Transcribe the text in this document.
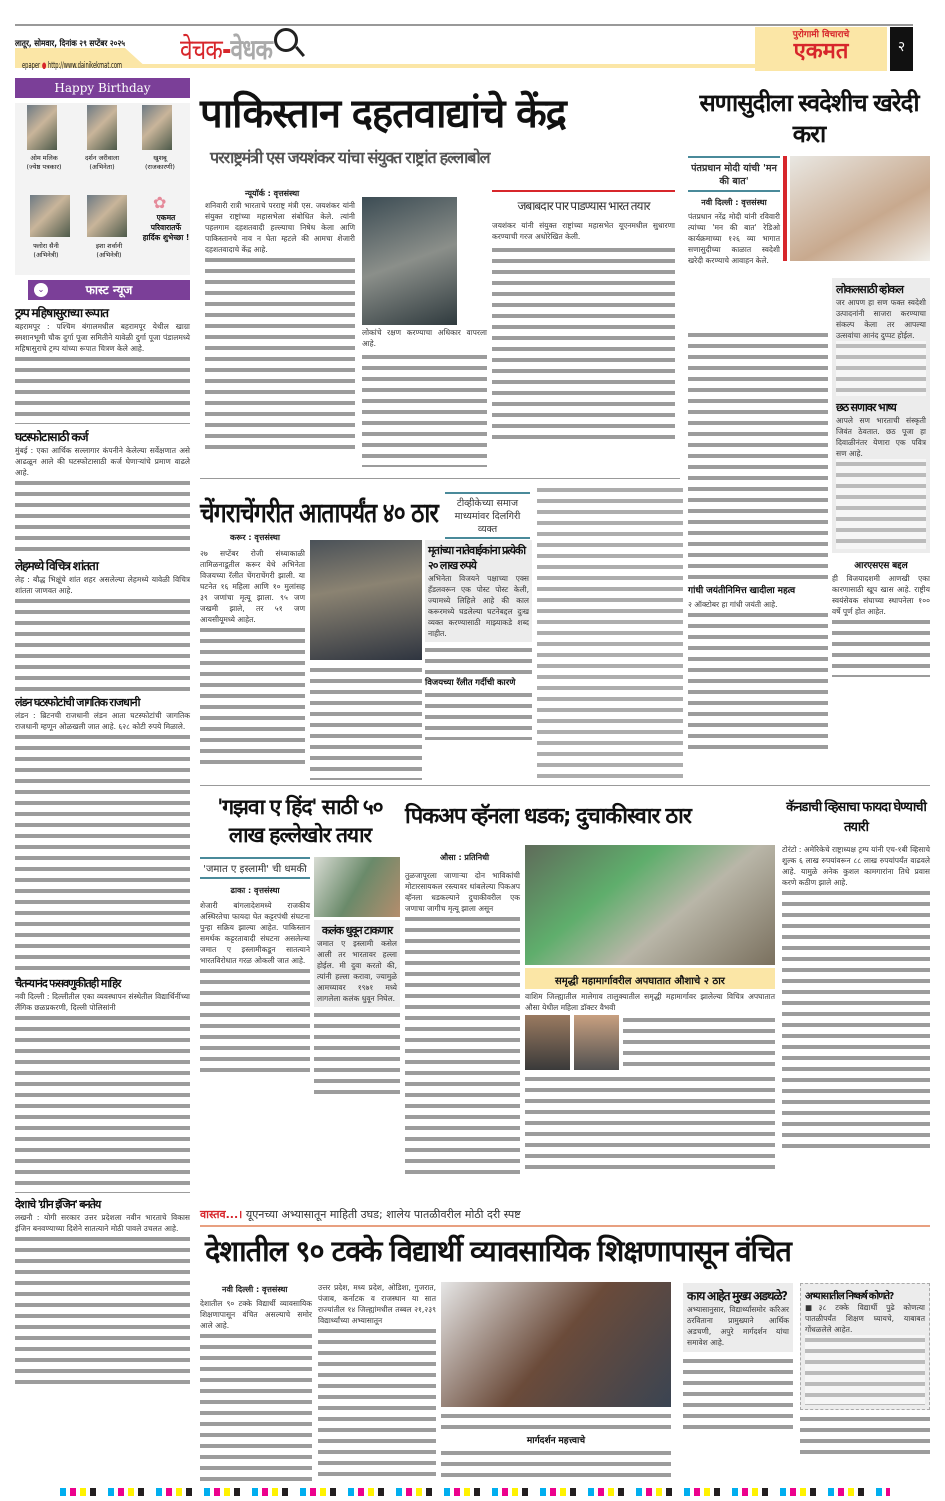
लातूर, सोमवार, दिनांक २९ सप्टेंबर २०२५
epaper ● http://www.dainikekmat.com	वेचक-वेधक	पुरोगामी विचाराचे
एकमत	२
Happy Birthday
ओम मलिक
(ज्येष्ठ पत्रकार)
दर्शन जरीवाला
(अभिनेता)
खुशबू
(राजकारणी)
✿
फ्लोरा सैनी
(अभिनेत्री)
इशा शर्वानी
(अभिनेत्री)
एकमत परिवारातर्फे हार्दिक शुभेच्छा !
⌄	फास्ट न्यूज
ट्रम्प महिषासुराच्या रूपात
बहरामपूर : पश्चिम बंगालमधील बहरामपूर येथील खाग्रा स्मशानभूमी चौक दुर्गा पूजा समितीने यावेळी दुर्गा पूजा पंडालमध्ये महिषासुराचे ट्रम्प यांच्या रूपात चित्रण केले आहे.
घटस्फोटासाठी कर्ज
मुंबई : एका आर्थिक सल्लागार कंपनीने केलेल्या सर्वेक्षणात असे आढळून आले की घटस्फोटासाठी कर्ज घेणाऱ्यांचे प्रमाण वाढले आहे.
लेहमध्ये विचित्र शांतता
लेह : बौद्ध भिक्षूंचे शांत शहर असलेल्या लेहमध्ये यावेळी विचित्र शांतता जाणवत आहे.
लंडन घटस्फोटांची जागतिक राजधानी
लंडन : ब्रिटनची राजधानी लंडन आता घटस्फोटांची जागतिक राजधानी म्हणून ओळखली जात आहे. ६२८ कोटी रुपये मिळाले.
चैतन्यानंद फसवणुकीतही माहिर
नवी दिल्ली : दिल्लीतील एका व्यवस्थापन संस्थेतील विद्यार्थिनींच्या लैंगिक छळप्रकरणी, दिल्ली पोलिसांनी
देशाचे 'ग्रीन इंजिन' बनतेय
लखनौ : योगी सरकार उत्तर प्रदेशला नवीन भारताचे विकास इंजिन बनवण्याच्या दिशेने सातत्याने मोठी पावले उचलत आहे.
पाकिस्तान दहतवाद्यांचे केंद्र
परराष्ट्रमंत्री एस जयशंकर यांचा संयुक्त राष्ट्रांत हल्लाबोल
न्यूयॉर्क : वृत्तसंस्था
शनिवारी रात्री भारताचे परराष्ट्र मंत्री एस. जयशंकर यांनी संयुक्त राष्ट्रांच्या महासभेला संबोधित केले. त्यांनी पहलगाम दहशतवादी हल्ल्याचा निषेध केला आणि पाकिस्तानचे नाव न घेता म्हटले की आमचा शेजारी दहशतवादाचे केंद्र आहे.
लोकांचे रक्षण करण्याचा अधिकार वापरला आहे.
जबाबदार पार पाडण्यास भारत तयार
जयशंकर यांनी संयुक्त राष्ट्रांच्या महासभेत यूएनमधील सुधारणा करण्याची गरज अधोरेखित केली.
सणासुदीला स्वदेशीच खरेदी करा
पंतप्रधान मोदी यांची 'मन की बात'
नवी दिल्ली : वृत्तसंस्था
पंतप्रधान नरेंद्र मोदी यांनी रविवारी त्यांच्या 'मन की बात' रेडिओ कार्यक्रमाच्या १२६ व्या भागात सणासुदीच्या काळात स्वदेशी खरेदी करण्याचे आवाहन केले.
गांधी जयंतीनिमित्त खादीला महत्व
२ ऑक्टोबर हा गांधी जयंती आहे.
लोकलसाठी व्होकल
जर आपण हा सण फक्त स्वदेशी उत्पादनांनी साजरा करण्याचा संकल्प केला तर आपल्या उत्सवांचा आनंद दुप्पट होईल.
छठ सणावर भाष्य
आपले सण भारताची संस्कृती जिवंत ठेवतात. छठ पूजा हा दिवाळीनंतर येणारा एक पवित्र सण आहे.
आरएसएस बद्दल
ही विजयादशमी आणखी एका कारणासाठी खूप खास आहे. राष्ट्रीय स्वयंसेवक संघाच्या स्थापनेला १०० वर्षे पूर्ण होत आहेत.
चेंगराचेंगरीत आतापर्यंत ४० ठार	टीव्हीकेच्या समाज माध्यमांवर दिलगिरी व्यक्त
करूर : वृत्तसंस्था
२७ सप्टेंबर रोजी संध्याकाळी तामिळनाडूतील करूर येथे अभिनेता विजयच्या रॅलीत चेंगराचेंगरी झाली. या घटनेत १६ महिला आणि १० मुलांसह ३९ जणांचा मृत्यू झाला. ९५ जण जखमी झाले, तर ५१ जण आयसीयूमध्ये आहेत.
मृतांच्या नातेवाईकांना प्रत्येकी २० लाख रुपये
अभिनेता विजयने पक्षाच्या एक्स हँडलवरून एक पोस्ट पोस्ट केली, ज्यामध्ये लिहिले आहे की काल करूरमध्ये घडलेल्या घटनेबद्दल दुःख व्यक्त करण्यासाठी माझ्याकडे शब्द नाहीत.
विजयच्या रॅलीत गर्दीची कारणे
'गझवा ए हिंद' साठी ५० लाख हल्लेखोर तयार
'जमात ए इस्लामी' ची धमकी
ढाका : वृत्तसंस्था
शेजारी बांगलादेशमध्ये राजकीय अस्थिरतेचा फायदा घेत कट्टरपंथी संघटना पुन्हा सक्रिय झाल्या आहेत. पाकिस्तान समर्थक कट्टरतावादी संघटना असलेल्या जमात ए इस्लामीकडून सातत्याने भारतविरोधात गरळ ओकली जात आहे.
कलंक धुवून टाकणार
जमात ए इस्लामी कसेल आली तर भारतावर हल्ला होईल. मी दुवा करतो की, त्यांनी हल्ला करावा, ज्यामुळे आमच्यावर १९७१ मध्ये लागलेला कलंक धुवून निघेल.
पिकअप व्हॅनला धडक; दुचाकीस्वार ठार
औसा : प्रतिनिधी
तुळजापूरला जाणाऱ्या दोन भाविकांची मोटारसायकल रस्त्यावर थांबलेल्या पिकअप व्हॅनला धडकल्याने दुचाकीवरील एक जणाचा जागीच मृत्यू झाला असून
समृद्धी महामार्गावरील अपघातात औशाचे २ ठार
वाशिम जिल्ह्यातील मालेगाव तालुक्यातील समृद्धी महामार्गावर झालेल्या विचित्र अपघातात औसा येथील महिला डॉक्टर वैभवी
कॅनडाची व्हिसाचा फायदा घेण्याची तयारी
टोरंटो : अमेरिकेचे राष्ट्राध्यक्ष ट्रम्प यांनी एच-१बी व्हिसाचे शुल्क ६ लाख रुपयांवरून ८८ लाख रुपयांपर्यंत वाढवले आहे. यामुळे अनेक कुशल कामगारांना तिथे प्रवास करणे कठीण झाले आहे.
वास्तव...। यूएनच्या अभ्यासातून माहिती उघड; शालेय पातळीवरील मोठी दरी स्पष्ट
देशातील ९० टक्के विद्यार्थी व्यावसायिक शिक्षणापासून वंचित
नवी दिल्ली : वृत्तसंस्था
देशातील ९० टक्के विद्यार्थी व्यावसायिक शिक्षणापासून वंचित असल्याचे समोर आले आहे.
उत्तर प्रदेश, मध्य प्रदेश, ओडिशा, गुजरात, पंजाब, कर्नाटक व राजस्थान या सात राज्यांतील १४ जिल्ह्यांमधील तब्बल २१,२३९ विद्यार्थ्यांच्या अभ्यासातून
मार्गदर्शन महत्त्वाचे
काय आहेत मुख्य अडथळे?
अभ्यासानुसार, विद्यार्थ्यांसमोर करिअर ठरविताना प्रामुख्याने आर्थिक अडचणी, अपुरे मार्गदर्शन यांचा समावेश आहे.
अभ्यासातील निष्कर्ष कोणते?
■३८ टक्के विद्यार्थी पुढे कोणत्या पातळीपर्यंत शिक्षण घ्यायचे, याबाबत गोंधळलेले आहेत.
